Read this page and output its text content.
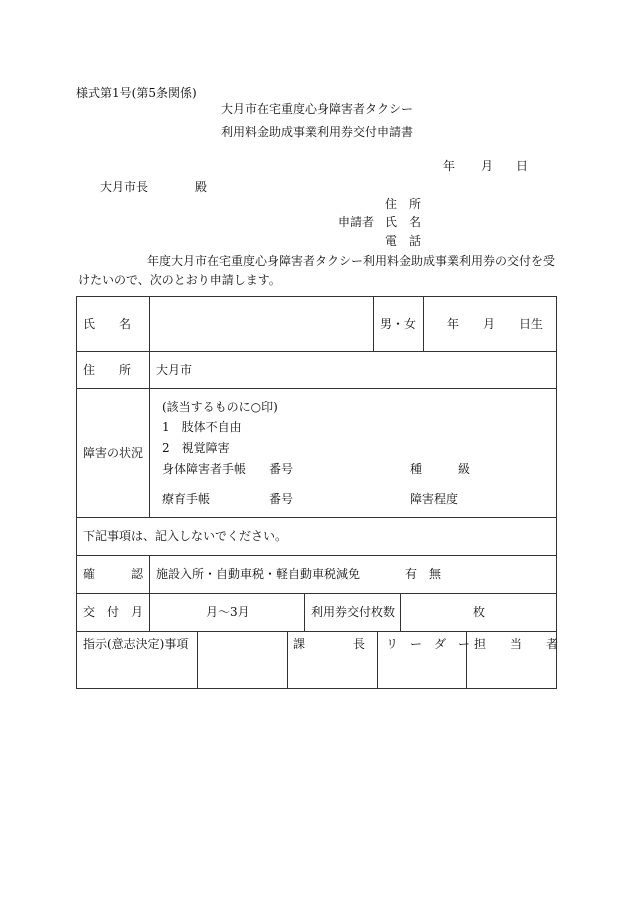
様式第1号(第5条関係)
大月市在宅重度心身障害者タクシー
利用料金助成事業利用券交付申請書
年 月 日
大月市長	殿
住　所
申請者 氏　名
電　話
年度大月市在宅重度心身障害者タクシー利用料金助成事業利用券の交付を受
けたいので、次のとおり申請します。
氏　　名	男・女	年　　月　　日生
住　　所 大月市
障害の状況
(該当するものに○印)
1　肢体不自由
2　視覚障害
身体障害者手帳 番号	種　　　級
療育手帳	番号	障害程度
下記事項は、記入しないでください。
確　　　認 施設入所・自動車税・軽自動車税減免	有　無
交　付　月	月～3月	利用券交付枚数	枚
指示(意志決定)事項	課　　　　長 リ　ー　ダ　ー 担　　当　　者
